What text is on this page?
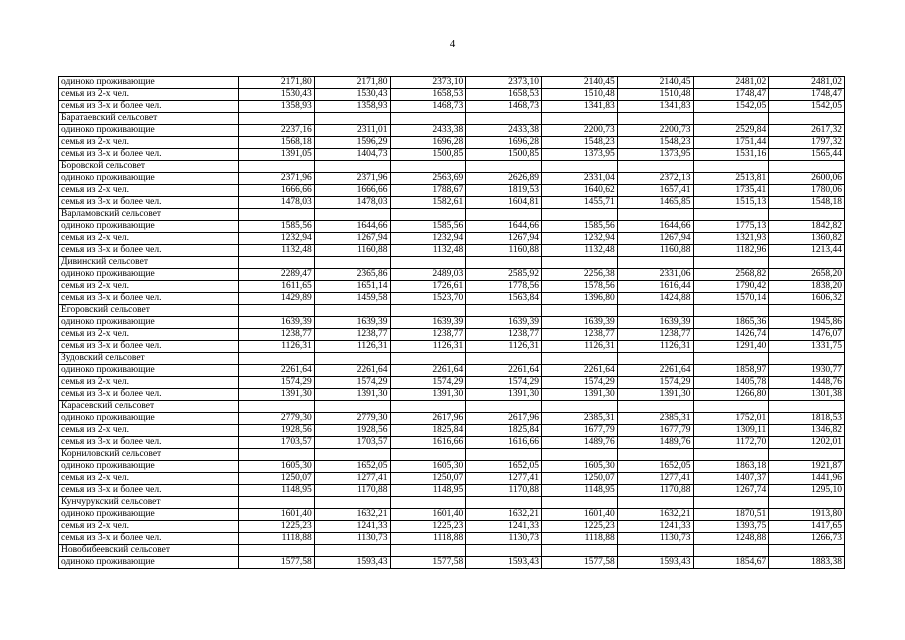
4
одиноко проживающие	2171,80	2171,80	2373,10	2373,10	2140,45	2140,45	2481,02	2481,02
семья из 2-х чел.	1530,43	1530,43	1658,53	1658,53	1510,48	1510,48	1748,47	1748,47
семья из 3-х и более чел.	1358,93	1358,93	1468,73	1468,73	1341,83	1341,83	1542,05	1542,05
Баратаевский сельсовет								
одиноко проживающие	2237,16	2311,01	2433,38	2433,38	2200,73	2200,73	2529,84	2617,32
семья из 2-х чел.	1568,18	1596,29	1696,28	1696,28	1548,23	1548,23	1751,44	1797,32
семья из 3-х и более чел.	1391,05	1404,73	1500,85	1500,85	1373,95	1373,95	1531,16	1565,44
Боровской сельсовет								
одиноко проживающие	2371,96	2371,96	2563,69	2626,89	2331,04	2372,13	2513,81	2600,06
семья из 2-х чел.	1666,66	1666,66	1788,67	1819,53	1640,62	1657,41	1735,41	1780,06
семья из 3-х и более чел.	1478,03	1478,03	1582,61	1604,81	1455,71	1465,85	1515,13	1548,18
Варламовский сельсовет								
одиноко проживающие	1585,56	1644,66	1585,56	1644,66	1585,56	1644,66	1775,13	1842,82
семья из 2-х чел.	1232,94	1267,94	1232,94	1267,94	1232,94	1267,94	1321,93	1360,82
семья из 3-х и более чел.	1132,48	1160,88	1132,48	1160,88	1132,48	1160,88	1182,96	1213,44
Дивинский сельсовет								
одиноко проживающие	2289,47	2365,86	2489,03	2585,92	2256,38	2331,06	2568,82	2658,20
семья из 2-х чел.	1611,65	1651,14	1726,61	1778,56	1578,56	1616,44	1790,42	1838,20
семья из 3-х и более чел.	1429,89	1459,58	1523,70	1563,84	1396,80	1424,88	1570,14	1606,32
Егоровский сельсовет								
одиноко проживающие	1639,39	1639,39	1639,39	1639,39	1639,39	1639,39	1865,36	1945,86
семья из 2-х чел.	1238,77	1238,77	1238,77	1238,77	1238,77	1238,77	1426,74	1476,07
семья из 3-х и более чел.	1126,31	1126,31	1126,31	1126,31	1126,31	1126,31	1291,40	1331,75
Зудовский сельсовет								
одиноко проживающие	2261,64	2261,64	2261,64	2261,64	2261,64	2261,64	1858,97	1930,77
семья из 2-х чел.	1574,29	1574,29	1574,29	1574,29	1574,29	1574,29	1405,78	1448,76
семья из 3-х и более чел.	1391,30	1391,30	1391,30	1391,30	1391,30	1391,30	1266,80	1301,38
Карасевский сельсовет								
одиноко проживающие	2779,30	2779,30	2617,96	2617,96	2385,31	2385,31	1752,01	1818,53
семья из 2-х чел.	1928,56	1928,56	1825,84	1825,84	1677,79	1677,79	1309,11	1346,82
семья из 3-х и более чел.	1703,57	1703,57	1616,66	1616,66	1489,76	1489,76	1172,70	1202,01
Корниловский сельсовет								
одиноко проживающие	1605,30	1652,05	1605,30	1652,05	1605,30	1652,05	1863,18	1921,87
семья из 2-х чел.	1250,07	1277,41	1250,07	1277,41	1250,07	1277,41	1407,37	1441,96
семья из 3-х и более чел.	1148,95	1170,88	1148,95	1170,88	1148,95	1170,88	1267,74	1295,10
Кунчурукский сельсовет								
одиноко проживающие	1601,40	1632,21	1601,40	1632,21	1601,40	1632,21	1870,51	1913,80
семья из 2-х чел.	1225,23	1241,33	1225,23	1241,33	1225,23	1241,33	1393,75	1417,65
семья из 3-х и более чел.	1118,88	1130,73	1118,88	1130,73	1118,88	1130,73	1248,88	1266,73
Новобибеевский сельсовет								
одиноко проживающие	1577,58	1593,43	1577,58	1593,43	1577,58	1593,43	1854,67	1883,38
